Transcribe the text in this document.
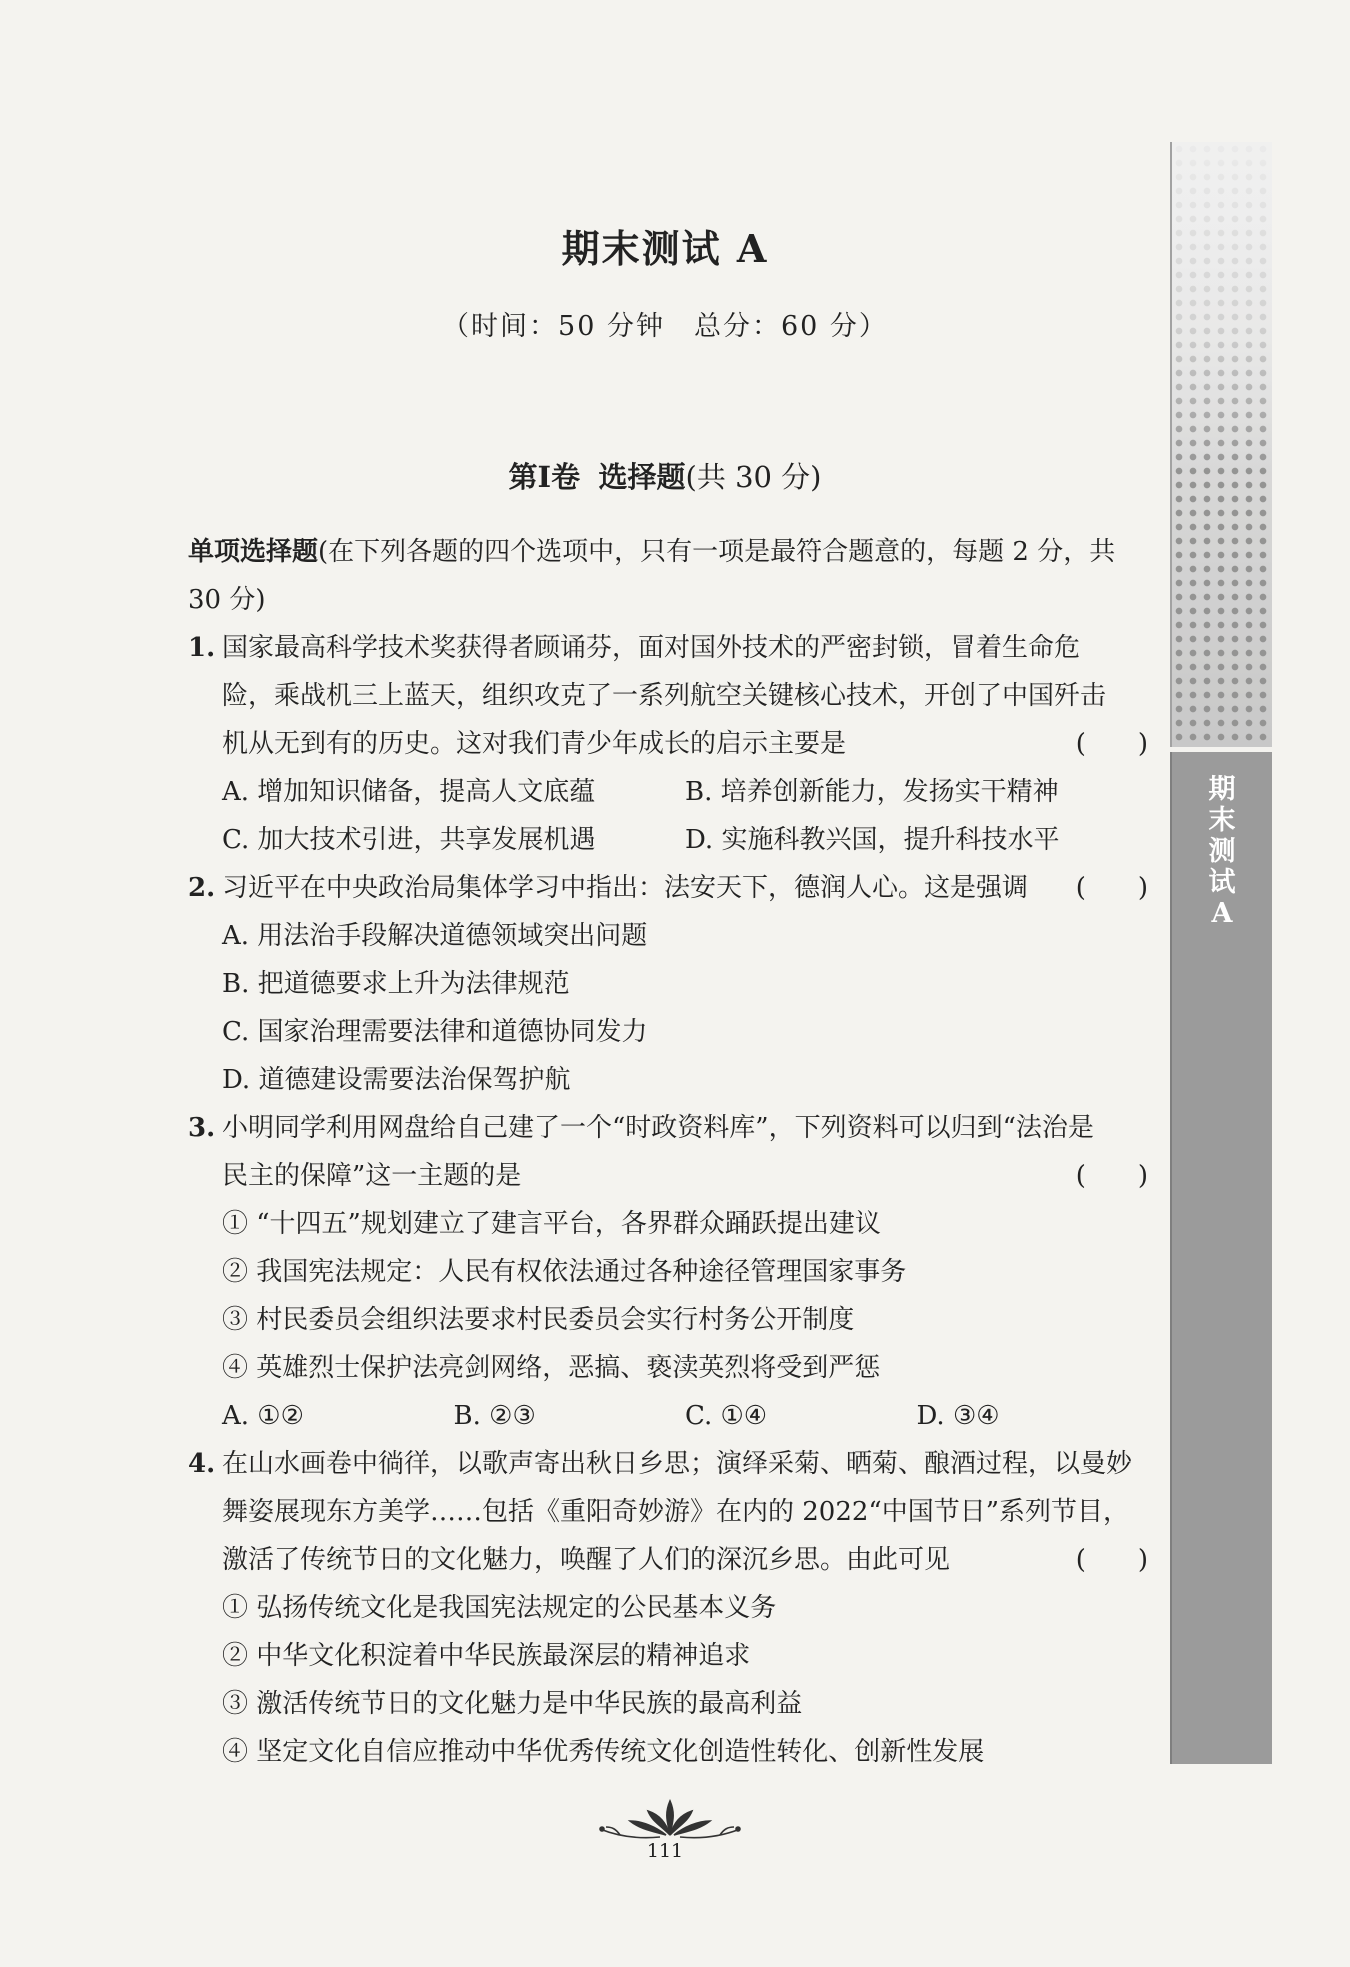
期
末
测
试
A
期末测试 A
（时间：50 分钟　总分：60 分）
第Ⅰ卷 选择题(共 30 分)
单项选择题(在下列各题的四个选项中，只有一项是最符合题意的，每题 2 分，共
30 分)
1. 国家最高科学技术奖获得者顾诵芬，面对国外技术的严密封锁，冒着生命危
险，乘战机三上蓝天，组织攻克了一系列航空关键核心技术，开创了中国歼击
机从无到有的历史。这对我们青少年成长的启示主要是	(　　)
A. 增加知识储备，提高人文底蕴	B. 培养创新能力，发扬实干精神
C. 加大技术引进，共享发展机遇	D. 实施科教兴国，提升科技水平
2. 习近平在中央政治局集体学习中指出：法安天下，德润人心。这是强调 (　　)
A. 用法治手段解决道德领域突出问题
B. 把道德要求上升为法律规范
C. 国家治理需要法律和道德协同发力
D. 道德建设需要法治保驾护航
3. 小明同学利用网盘给自己建了一个“时政资料库”，下列资料可以归到“法治是
民主的保障”这一主题的是	(　　)
① “十四五”规划建立了建言平台，各界群众踊跃提出建议
② 我国宪法规定：人民有权依法通过各种途径管理国家事务
③ 村民委员会组织法要求村民委员会实行村务公开制度
④ 英雄烈士保护法亮剑网络，恶搞、亵渎英烈将受到严惩
A. ①②	B. ②③	C. ①④	D. ③④
4. 在山水画卷中徜徉，以歌声寄出秋日乡思；演绎采菊、晒菊、酿酒过程，以曼妙
舞姿展现东方美学……包括《重阳奇妙游》在内的 2022“中国节日”系列节目，
激活了传统节日的文化魅力，唤醒了人们的深沉乡思。由此可见	(　　)
① 弘扬传统文化是我国宪法规定的公民基本义务
② 中华文化积淀着中华民族最深层的精神追求
③ 激活传统节日的文化魅力是中华民族的最高利益
④ 坚定文化自信应推动中华优秀传统文化创造性转化、创新性发展
111
